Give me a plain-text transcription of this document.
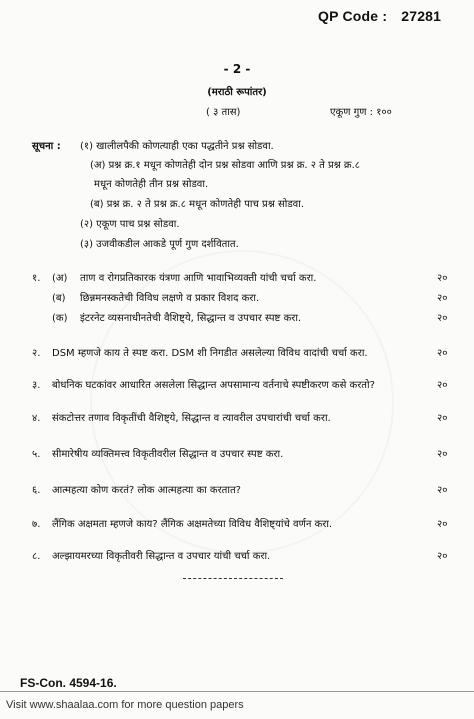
QP Code : 27281
- 2 -
(मराठी रूपांतर)
( ३ तास)	एकूण गुण : १००
सूचना : (१) खालीलपैकी कोणत्याही एका पद्धतीने प्रश्न सोडवा.
(अ) प्रश्न क्र.१ मधून कोणतेही दोन प्रश्न सोडवा आणि प्रश्न क्र. २ ते प्रश्न क्र.८
मधून कोणतेही तीन प्रश्न सोडवा.
(ब) प्रश्न क्र. २ ते प्रश्न क्र.८ मधून कोणतेही पाच प्रश्न सोडवा.
(२) एकूण पाच प्रश्न सोडवा.
(३) उजवीकडील आकडे पूर्ण गुण दर्शवितात.
१. (अ) ताण व रोगप्रतिकारक यंत्रणा आणि भावाभिव्यक्ती यांची चर्चा करा.	२०
(ब) छिन्नमनस्कतेची विविध लक्षणे व प्रकार विशद करा.	२०
(क) इंटरनेट व्यसनाधीनतेची वैशिष्ट्ये, सिद्धान्त व उपचार स्पष्ट करा.	२०
२. DSM म्हणजे काय ते स्पष्ट करा. DSM शी निगडीत असलेल्या विविध वादांची चर्चा करा.	२०
३. बोधनिक घटकांवर आधारित असलेला सिद्धान्त अपसामान्य वर्तनाचे स्पष्टीकरण कसे करतो?	२०
४. संकटोत्तर तणाव विकृतींची वैशिष्ट्ये, सिद्धान्त व त्यावरील उपचारांची चर्चा करा.	२०
५. सीमारेषीय व्यक्तिमत्त्व विकृतीवरील सिद्धान्त व उपचार स्पष्ट करा.	२०
६. आत्महत्या कोण करतं? लोक आत्महत्या का करतात?	२०
७. लैंगिक अक्षमता म्हणजे काय? लैंगिक अक्षमतेच्या विविध वैशिष्ट्यांचे वर्णन करा.	२०
८. अल्झायमरच्या विकृतीवरी सिद्धान्त व उपचार यांची चर्चा करा.	२०
FS-Con. 4594-16.
Visit www.shaalaa.com for more question papers
